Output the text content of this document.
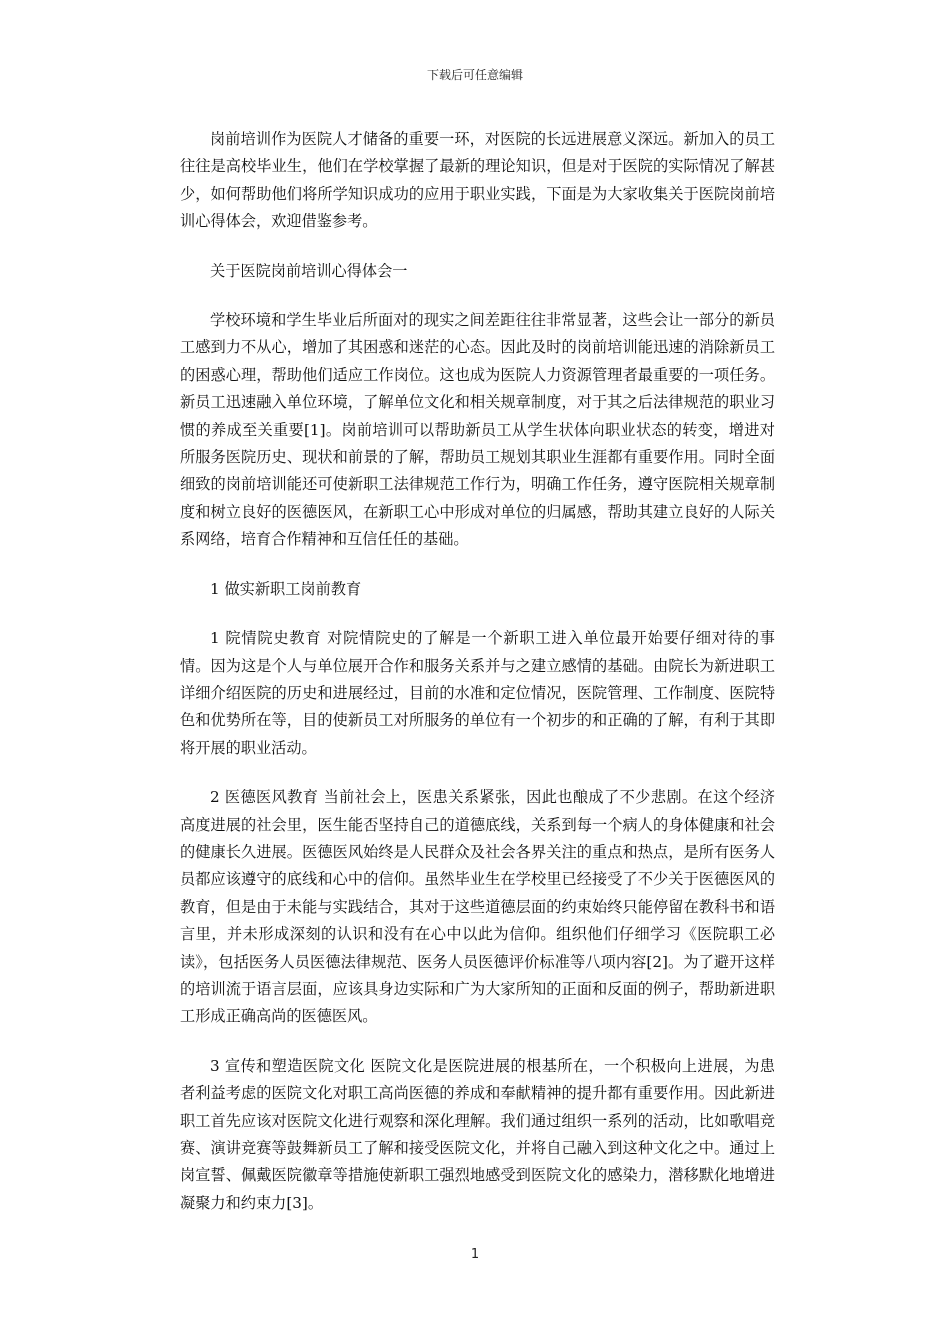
下载后可任意编辑

岗前培训作为医院人才储备的重要一环，对医院的长远进展意义深远。新加入的员工往往是高校毕业生，他们在学校掌握了最新的理论知识，但是对于医院的实际情况了解甚少，如何帮助他们将所学知识成功的应用于职业实践，下面是为大家收集关于医院岗前培训心得体会，欢迎借鉴参考。

关于医院岗前培训心得体会一

学校环境和学生毕业后所面对的现实之间差距往往非常显著，这些会让一部分的新员工感到力不从心，增加了其困惑和迷茫的心态。因此及时的岗前培训能迅速的消除新员工的困惑心理，帮助他们适应工作岗位。这也成为医院人力资源管理者最重要的一项任务。新员工迅速融入单位环境，了解单位文化和相关规章制度，对于其之后法律规范的职业习惯的养成至关重要[1]。岗前培训可以帮助新员工从学生状体向职业状态的转变，增进对所服务医院历史、现状和前景的了解，帮助员工规划其职业生涯都有重要作用。同时全面细致的岗前培训能还可使新职工法律规范工作行为，明确工作任务，遵守医院相关规章制度和树立良好的医德医风，在新职工心中形成对单位的归属感，帮助其建立良好的人际关系网络，培育合作精神和互信任任的基础。

1 做实新职工岗前教育

1 院情院史教育 对院情院史的了解是一个新职工进入单位最开始要仔细对待的事情。因为这是个人与单位展开合作和服务关系并与之建立感情的基础。由院长为新进职工详细介绍医院的历史和进展经过，目前的水准和定位情况，医院管理、工作制度、医院特色和优势所在等，目的使新员工对所服务的单位有一个初步的和正确的了解，有利于其即将开展的职业活动。

2 医德医风教育 当前社会上，医患关系紧张，因此也酿成了不少悲剧。在这个经济高度进展的社会里，医生能否坚持自己的道德底线，关系到每一个病人的身体健康和社会的健康长久进展。医德医风始终是人民群众及社会各界关注的重点和热点，是所有医务人员都应该遵守的底线和心中的信仰。虽然毕业生在学校里已经接受了不少关于医德医风的教育，但是由于未能与实践结合，其对于这些道德层面的约束始终只能停留在教科书和语言里，并未形成深刻的认识和没有在心中以此为信仰。组织他们仔细学习《医院职工必读》，包括医务人员医德法律规范、医务人员医德评价标准等八项内容[2]。为了避开这样的培训流于语言层面，应该具身边实际和广为大家所知的正面和反面的例子，帮助新进职工形成正确高尚的医德医风。

3 宣传和塑造医院文化 医院文化是医院进展的根基所在，一个积极向上进展，为患者利益考虑的医院文化对职工高尚医德的养成和奉献精神的提升都有重要作用。因此新进职工首先应该对医院文化进行观察和深化理解。我们通过组织一系列的活动，比如歌唱竞赛、演讲竞赛等鼓舞新员工了解和接受医院文化，并将自己融入到这种文化之中。通过上岗宣誓、佩戴医院徽章等措施使新职工强烈地感受到医院文化的感染力，潜移默化地增进凝聚力和约束力[3]。

1
